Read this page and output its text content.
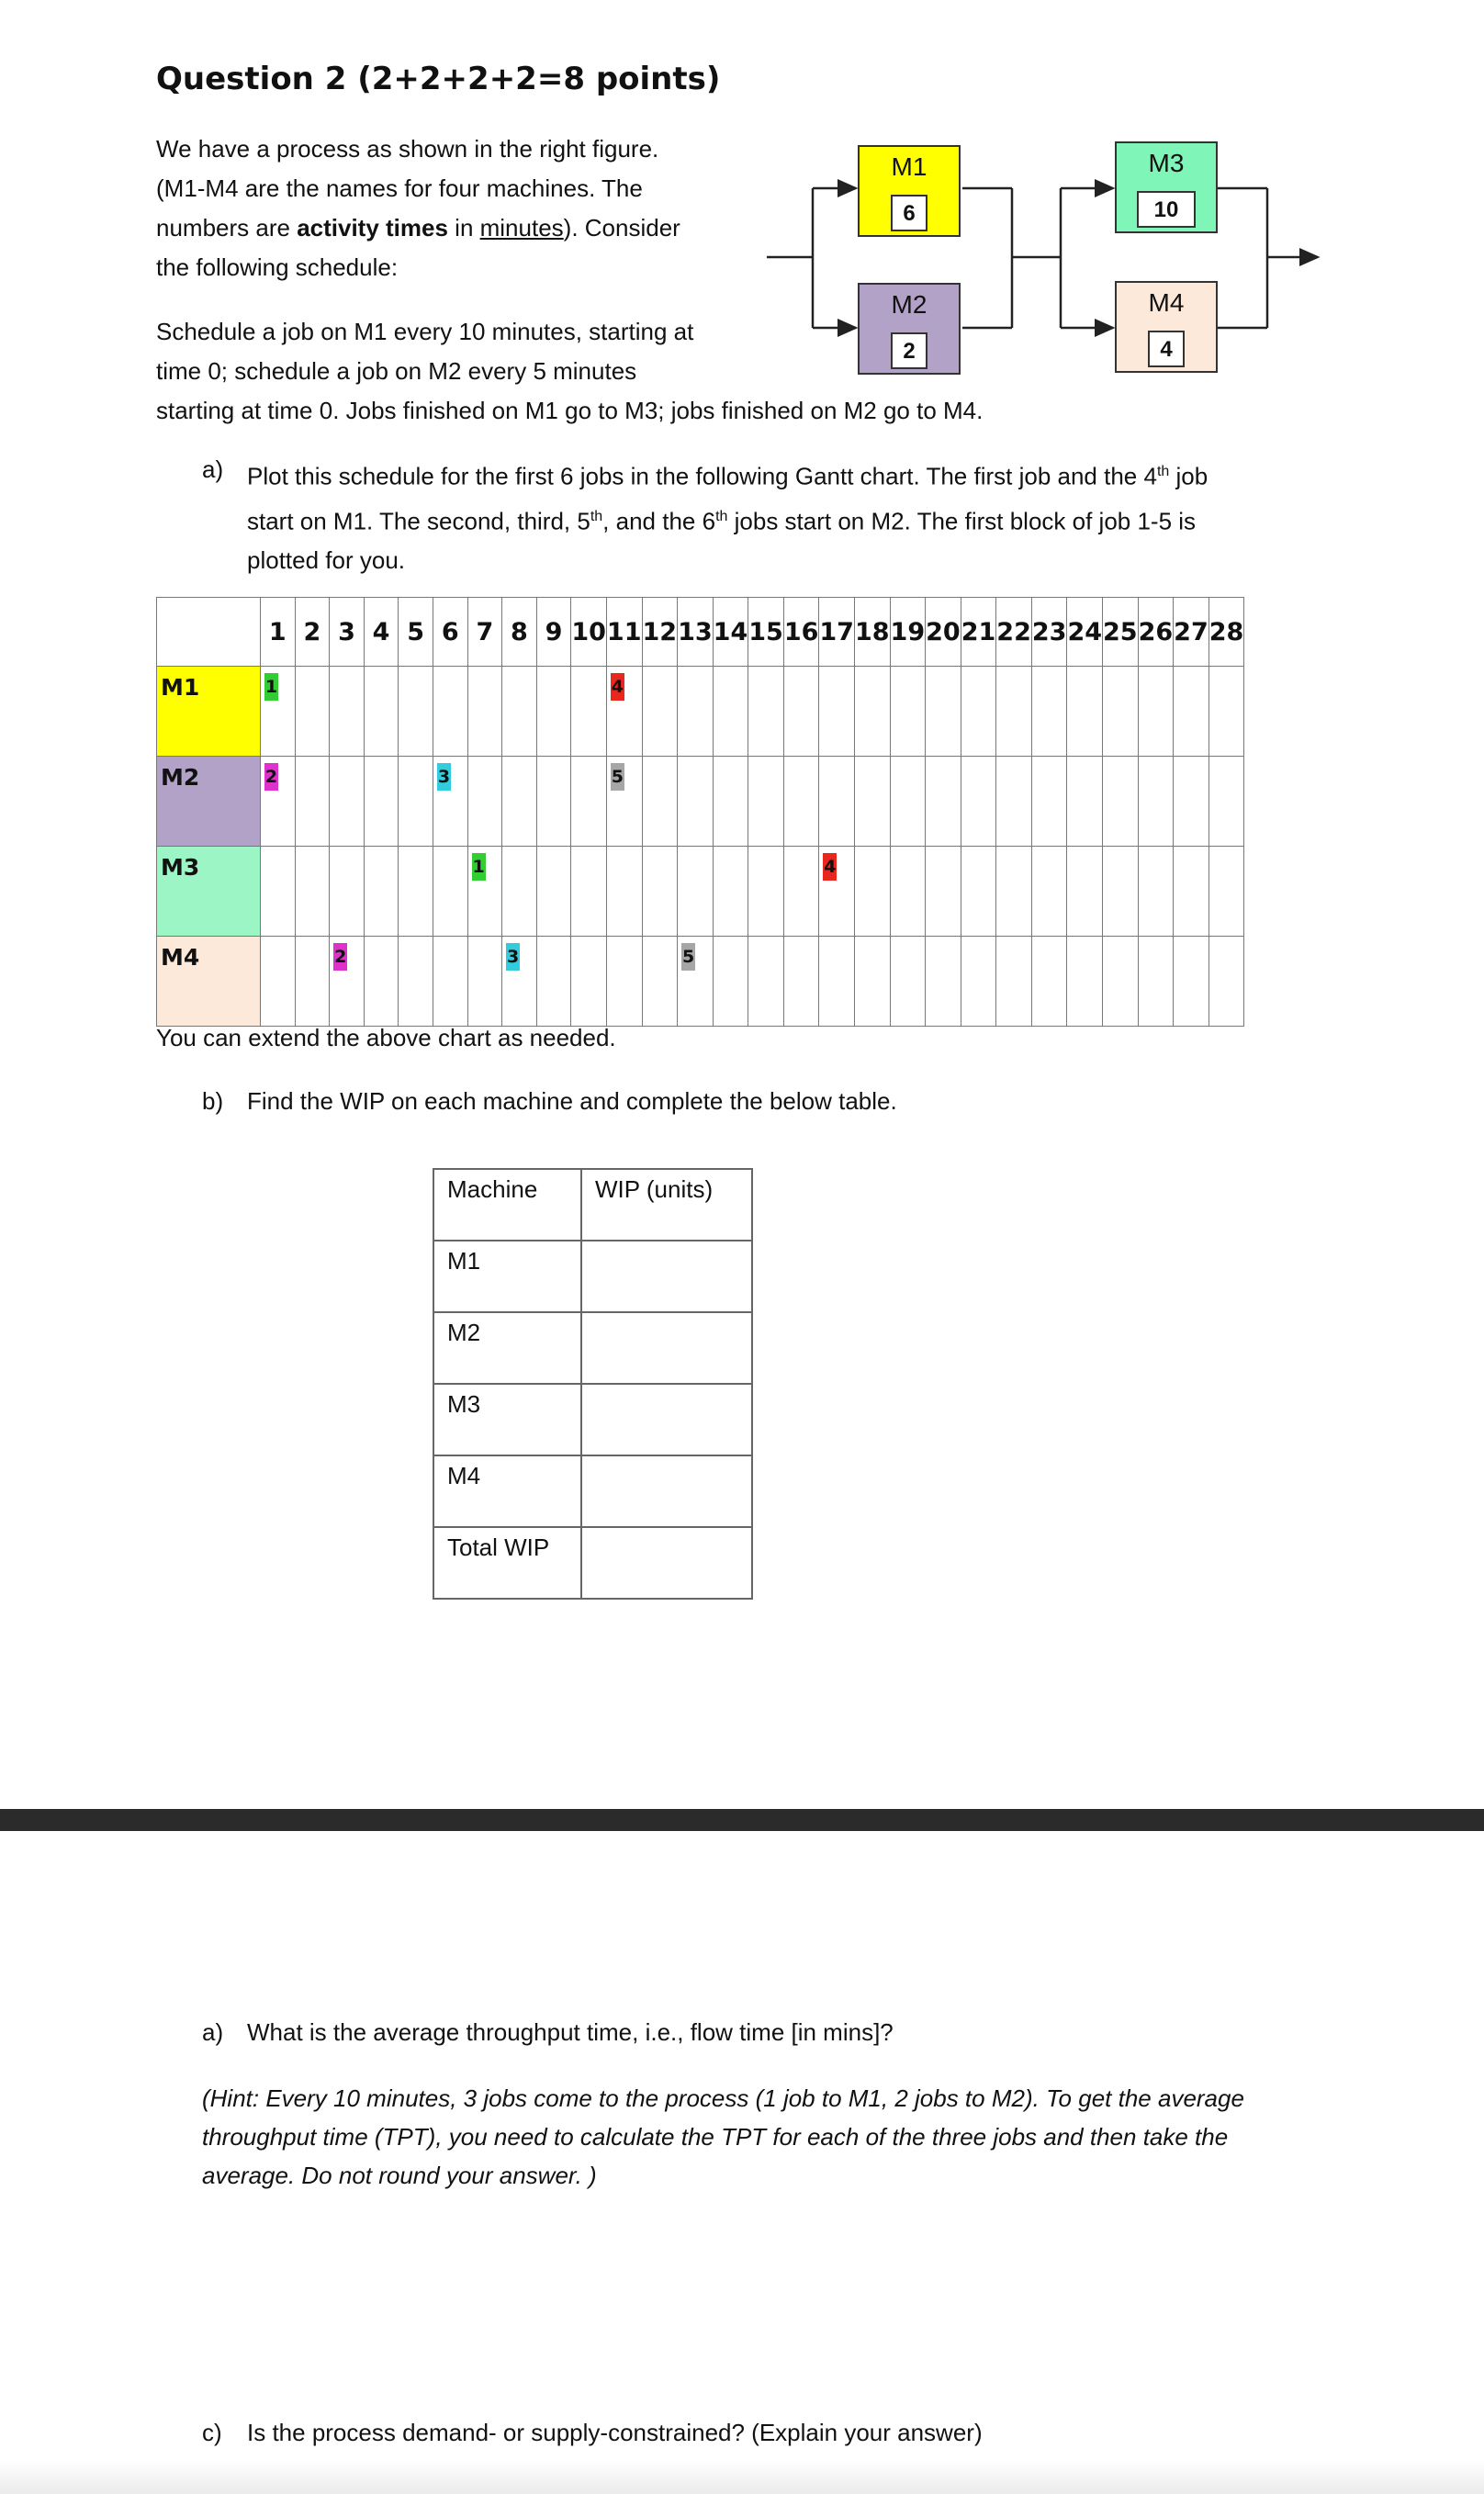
Question 2 (2+2+2+2=8 points)

We have a process as shown in the right figure.

(M1-M4 are the names for four machines. The

numbers are activity times in minutes). Consider

the following schedule:

Schedule a job on M1 every 10 minutes, starting at

time 0; schedule a job on M2 every 5 minutes

starting at time 0. Jobs finished on M1 go to M3; jobs finished on M2 go to M4.

M1
6
M2
2
M3
10
M4
4
a) Plot this schedule for the first 6 jobs in the following Gantt chart. The first job and the 4th job

start on M1. The second, third, 5th, and the 6th jobs start on M2. The first block of job 1-5 is

plotted for you.

	1	2	3	4	5	6	7	8	9	10	11	12	13	14	15	16	17	18	19	20	21	22	23	24	25	26	27	28
M1	1										4																	
M2	2					3					5																	
M3							1										4											
M4			2					3					5															
You can extend the above chart as needed.
b) Find the WIP on each machine and complete the below table.
Machine	WIP (units)
M1	
M2	
M3	
M4	
Total WIP	
a) What is the average throughput time, i.e., flow time [in mins]?

(Hint: Every 10 minutes, 3 jobs come to the process (1 job to M1, 2 jobs to M2). To get the average

throughput time (TPT), you need to calculate the TPT for each of the three jobs and then take the

average. Do not round your answer. )

c) Is the process demand- or supply-constrained? (Explain your answer)
